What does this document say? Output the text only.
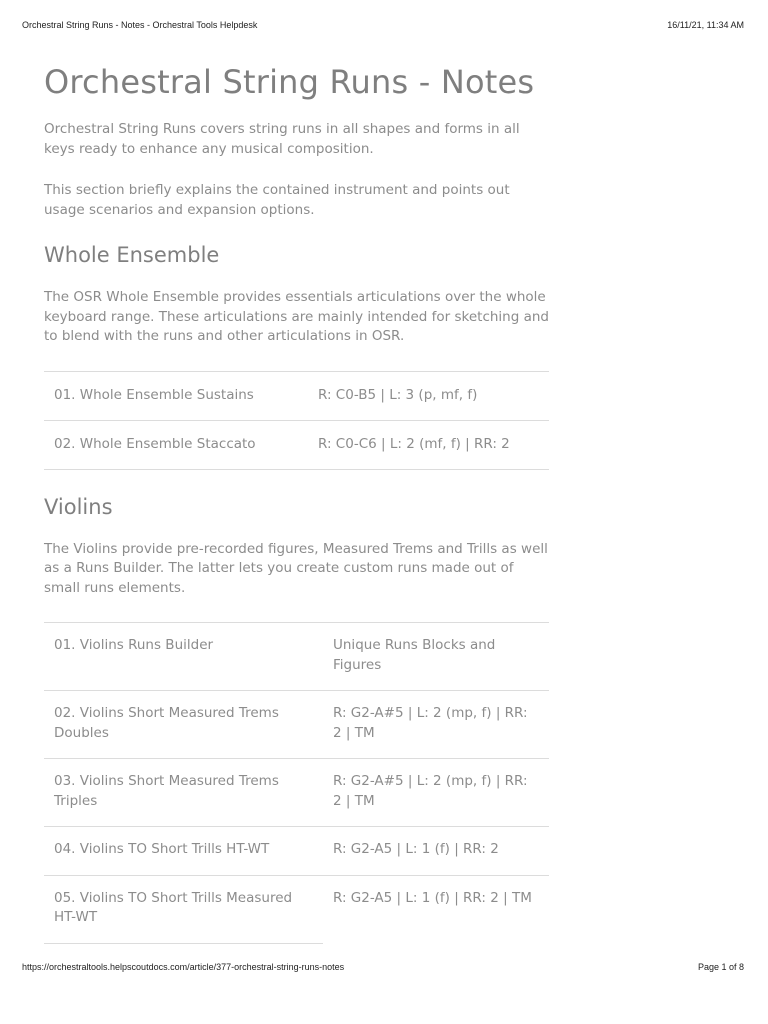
Orchestral String Runs - Notes - Orchestral Tools Helpdesk	16/11/21, 11:34 AM
Orchestral String Runs - Notes

Orchestral String Runs covers string runs in all shapes and forms in all keys ready to enhance any musical composition.

This section briefly explains the contained instrument and points out usage scenarios and expansion options.

Whole Ensemble

The OSR Whole Ensemble provides essentials articulations over the whole keyboard range. These articulations are mainly intended for sketching and to blend with the runs and other articulations in OSR.

01. Whole Ensemble Sustains	R: C0-B5 | L: 3 (p, mf, f)
02. Whole Ensemble Staccato	R: C0-C6 | L: 2 (mf, f) | RR: 2
Violins

The Violins provide pre-recorded figures, Measured Trems and Trills as well as a Runs Builder. The latter lets you create custom runs made out of small runs elements.

01. Violins Runs Builder	Unique Runs Blocks and Figures
02. Violins Short Measured Trems Doubles	R: G2-A#5 | L: 2 (mp, f) | RR: 2 | TM
03. Violins Short Measured Trems Triples	R: G2-A#5 | L: 2 (mp, f) | RR: 2 | TM
04. Violins TO Short Trills HT-WT	R: G2-A5 | L: 1 (f) | RR: 2
05. Violins TO Short Trills Measured HT-WT	R: G2-A5 | L: 1 (f) | RR: 2 | TM
https://orchestraltools.helpscoutdocs.com/article/377-orchestral-string-runs-notes	Page 1 of 8
